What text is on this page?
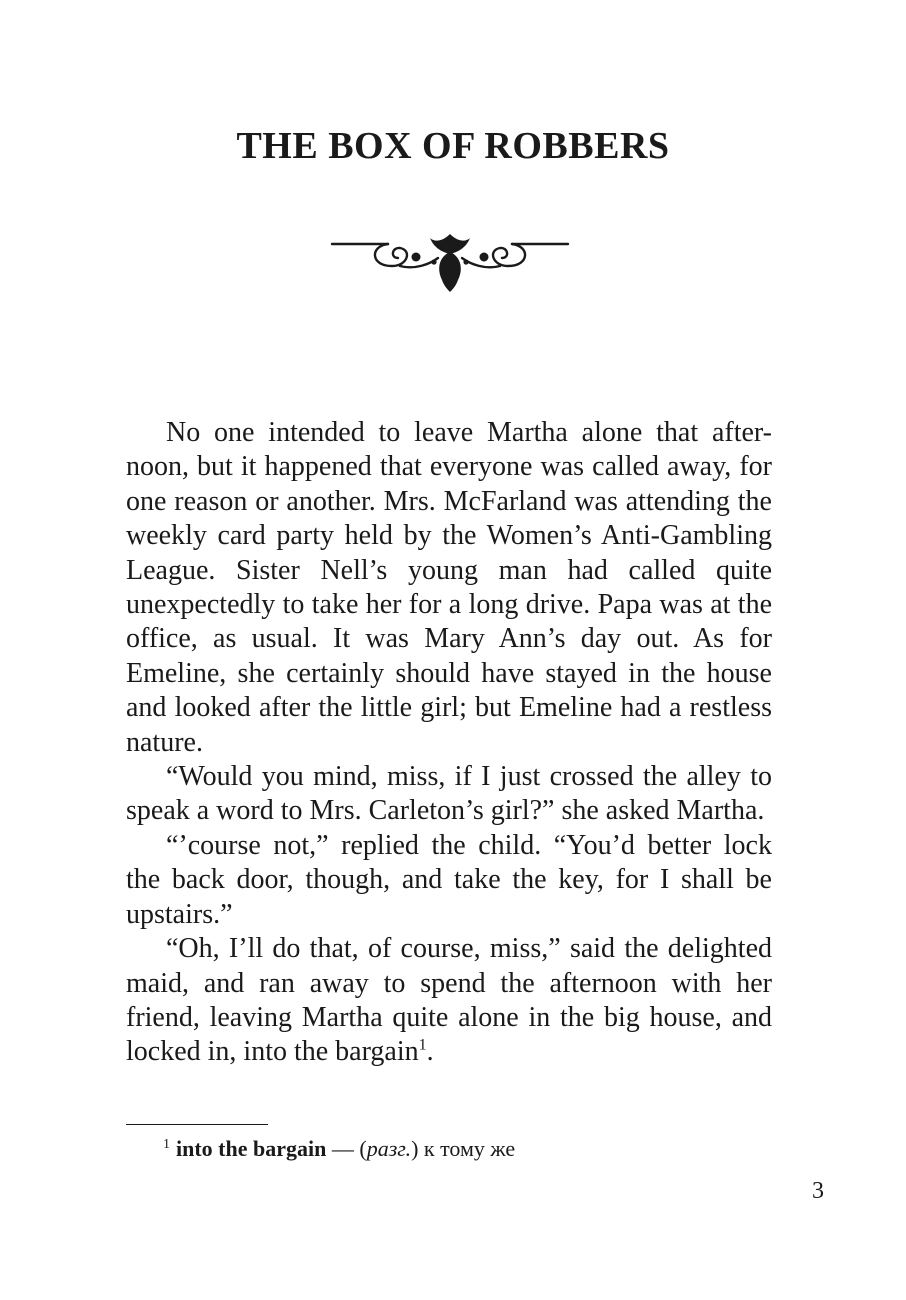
THE BOX OF ROBBERS

No one intended to leave Martha alone that after-noon, but it happened that everyone was called away, for one reason or another. Mrs. McFarland was attending the weekly card party held by the Women’s Anti-Gambling League. Sister Nell’s young man had called quite unexpectedly to take her for a long drive. Papa was at the office, as usual. It was Mary Ann’s day out. As for Emeline, she certainly should have stayed in the house and looked after the little girl; but Emeline had a restless nature.

“Would you mind, miss, if I just crossed the alley to speak a word to Mrs. Carleton’s girl?” she asked Martha.

“’course not,” replied the child. “You’d better lock the back door, though, and take the key, for I shall be upstairs.”

“Oh, I’ll do that, of course, miss,” said the delighted maid, and ran away to spend the afternoon with her friend, leaving Martha quite alone in the big house, and locked in, into the bargain$^1$.

$^1$ into the bargain — (разг.) к тому же
3
